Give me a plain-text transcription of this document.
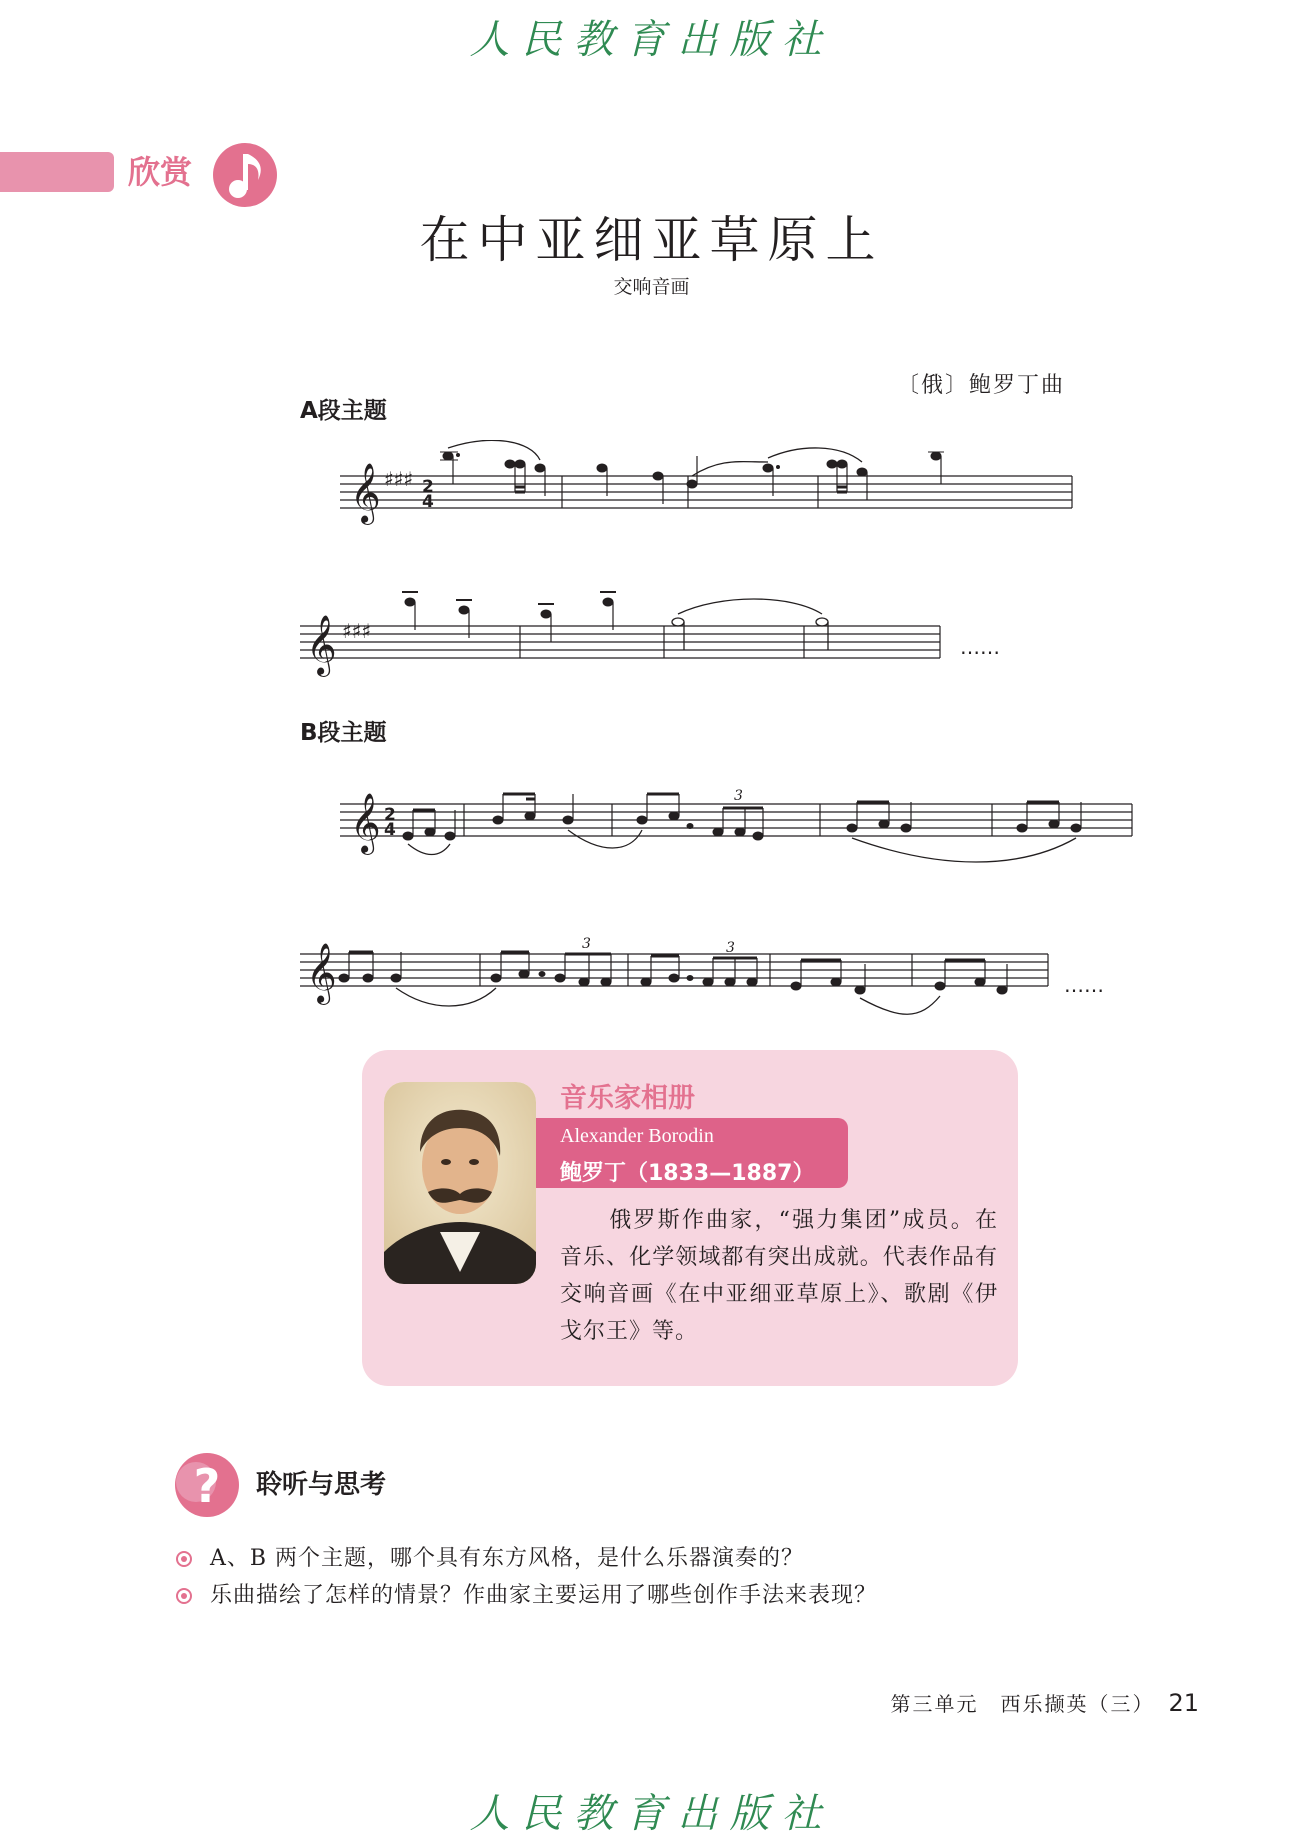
人民教育出版社
欣赏
在中亚细亚草原上
交响音画
〔俄〕鲍罗丁曲
A段主题
𝄞 ♯♯♯ 2
4
𝄞 ♯♯♯
……
B段主题
𝄞 2
4
3
𝄞	3	3
……
音乐家相册
Alexander Borodin
鲍罗丁（1833—1887）
俄罗斯作曲家，“强力集团”成员。在音乐、化学领域都有突出成就。代表作品有交响音画《在中亚细亚草原上》、歌剧《伊戈尔王》等。
? 聆听与思考
A、B 两个主题，哪个具有东方风格，是什么乐器演奏的？
乐曲描绘了怎样的情景？作曲家主要运用了哪些创作手法来表现？
第三单元　西乐撷英（三） 21
人民教育出版社
